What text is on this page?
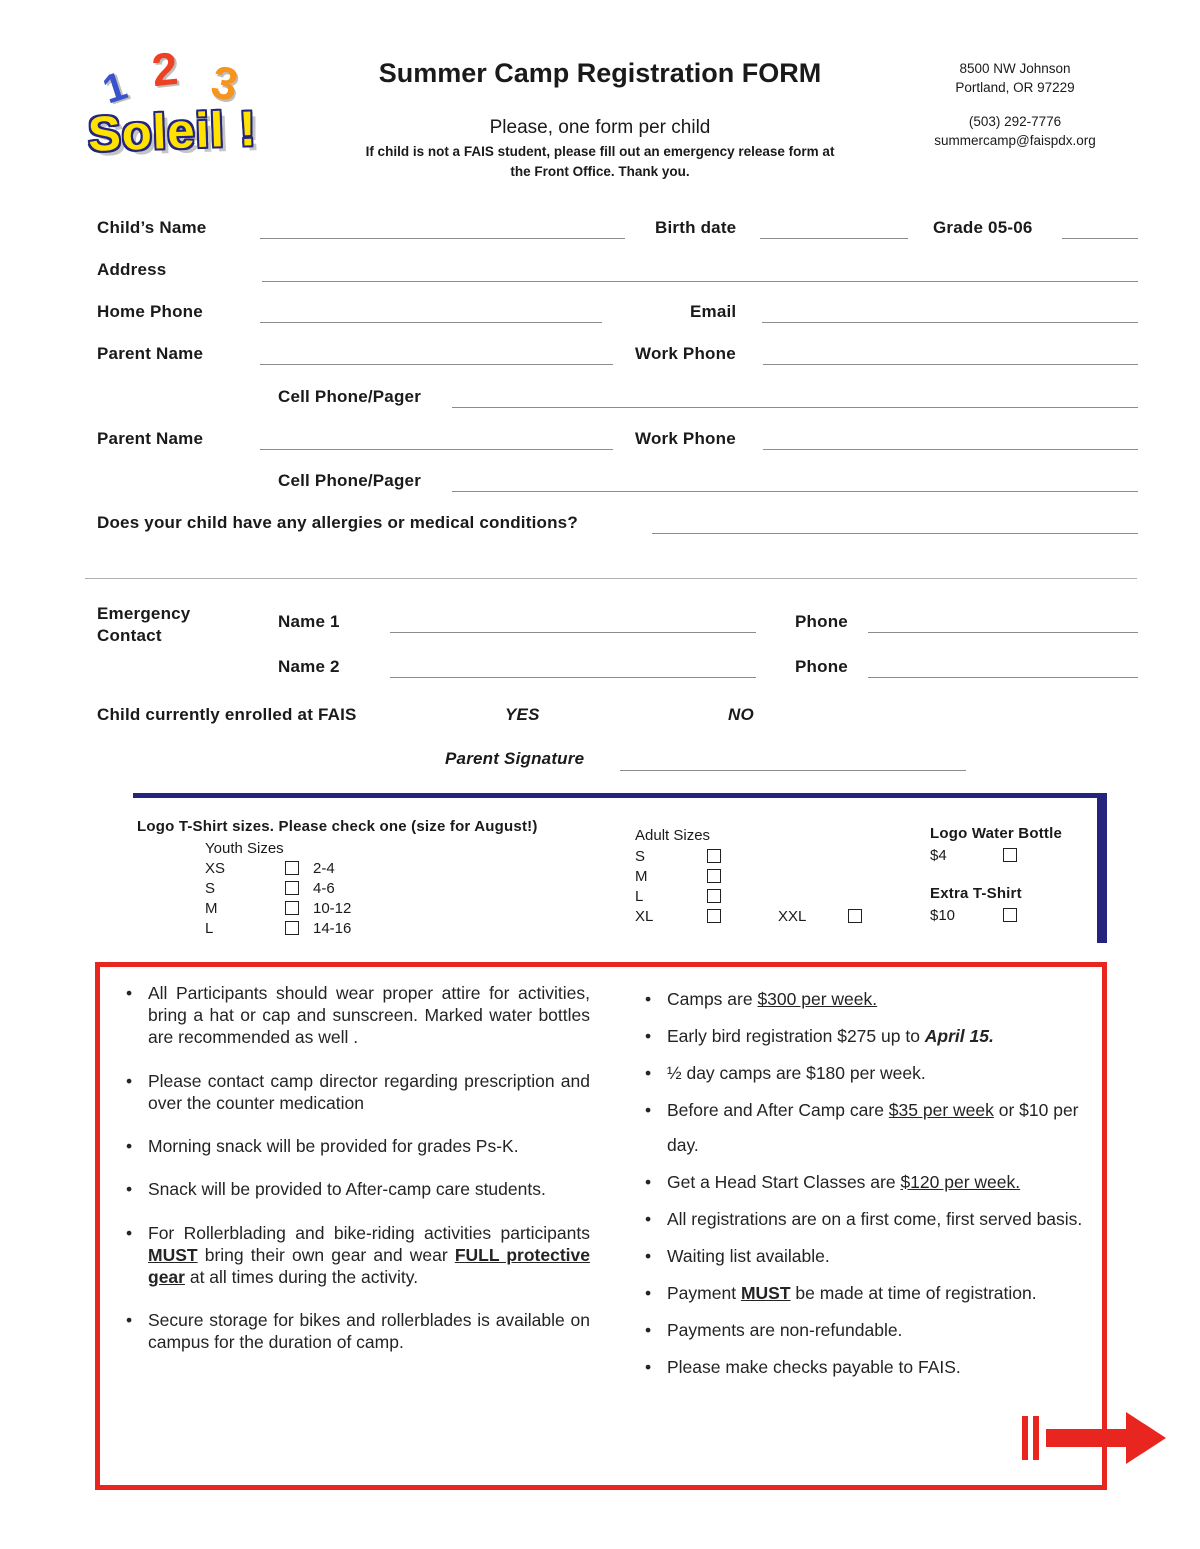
1 2 3
Soleil !
Summer Camp Registration FORM
Please, one form per child
If child is not a FAIS student, please fill out an emergency release form at
the Front Office. Thank you.
8500 NW Johnson
Portland, OR 97229
(503) 292-7776
summercamp@faispdx.org
Child’s Name	Birth date	Grade 05-06
Address
Home Phone	Email
Parent Name	Work Phone
Cell Phone/Pager
Parent Name	Work Phone
Cell Phone/Pager
Does your child have any allergies or medical conditions?
Emergency
Contact
Name 1	Phone
Name 2	Phone
Child currently enrolled at FAIS	YES	NO
Parent Signature
Logo T-Shirt sizes. Please check one (size for August!)
Youth Sizes
XS	2-4
S	4-6
M	10-12
L	14-16
Adult Sizes
S
M
L
XL	XXL
Logo Water Bottle
$4
Extra T-Shirt
$10
• All Participants should wear proper attire for activities, bring a hat or cap and sunscreen. Marked water bottles are recommended as well .
• Please contact camp director regarding prescription and over the counter medication
• Morning snack will be provided for grades Ps-K.
• Snack will be provided to After-camp care students.
• For Rollerblading and bike-riding activities participants MUST bring their own gear and wear FULL protective gear at all times during the activity.
• Secure storage for bikes and rollerblades is available on campus for the duration of camp.
• Camps are $300 per week.
• Early bird registration $275 up to April 15.
• ½ day camps are $180 per week.
• Before and After Camp care $35 per week or $10 per day.
• Get a Head Start Classes are $120 per week.
• All registrations are on a first come, first served basis.
• Waiting list available.
• Payment MUST be made at time of registration.
• Payments are non-refundable.
• Please make checks payable to FAIS.
